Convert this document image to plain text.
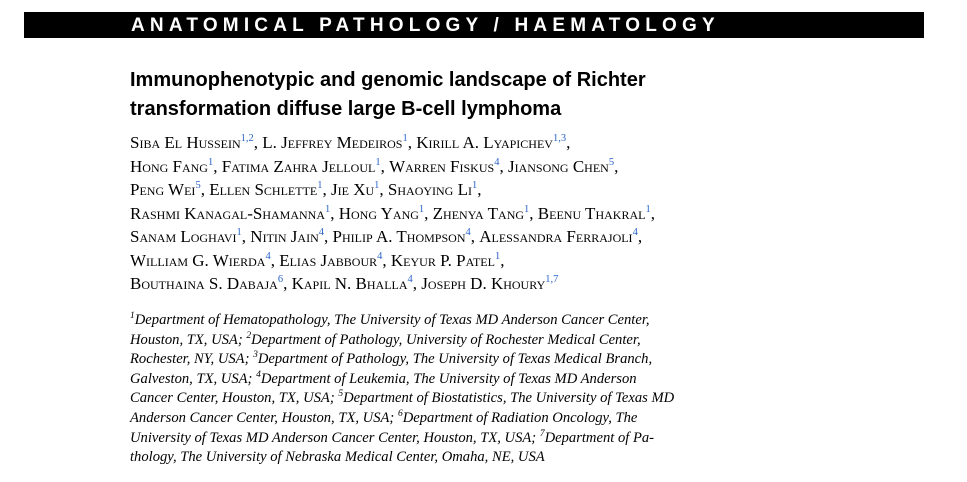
ANATOMICAL PATHOLOGY / HAEMATOLOGY
Immunophenotypic and genomic landscape of Richter
transformation diffuse large B-cell lymphoma
Siba El Hussein$^{1,2}$, L. Jeffrey Medeiros$^1$, Kirill A. Lyapichev$^{1,3}$,
Hong Fang$^1$, Fatima Zahra Jelloul$^1$, Warren Fiskus$^4$, Jiansong Chen$^5$,
Peng Wei$^5$, Ellen Schlette$^1$, Jie Xu$^1$, Shaoying Li$^1$,
Rashmi Kanagal-Shamanna$^1$, Hong Yang$^1$, Zhenya Tang$^1$, Beenu Thakral$^1$,
Sanam Loghavi$^1$, Nitin Jain$^4$, Philip A. Thompson$^4$, Alessandra Ferrajoli$^4$,
William G. Wierda$^4$, Elias Jabbour$^4$, Keyur P. Patel$^1$,
Bouthaina S. Dabaja$^6$, Kapil N. Bhalla$^4$, Joseph D. Khoury$^{1,7}$
$^1$Department of Hematopathology, The University of Texas MD Anderson Cancer Center,
Houston, TX, USA; $^2$Department of Pathology, University of Rochester Medical Center,
Rochester, NY, USA; $^3$Department of Pathology, The University of Texas Medical Branch,
Galveston, TX, USA; $^4$Department of Leukemia, The University of Texas MD Anderson
Cancer Center, Houston, TX, USA; $^5$Department of Biostatistics, The University of Texas MD
Anderson Cancer Center, Houston, TX, USA; $^6$Department of Radiation Oncology, The
University of Texas MD Anderson Cancer Center, Houston, TX, USA; $^7$Department of Pa-
thology, The University of Nebraska Medical Center, Omaha, NE, USA
